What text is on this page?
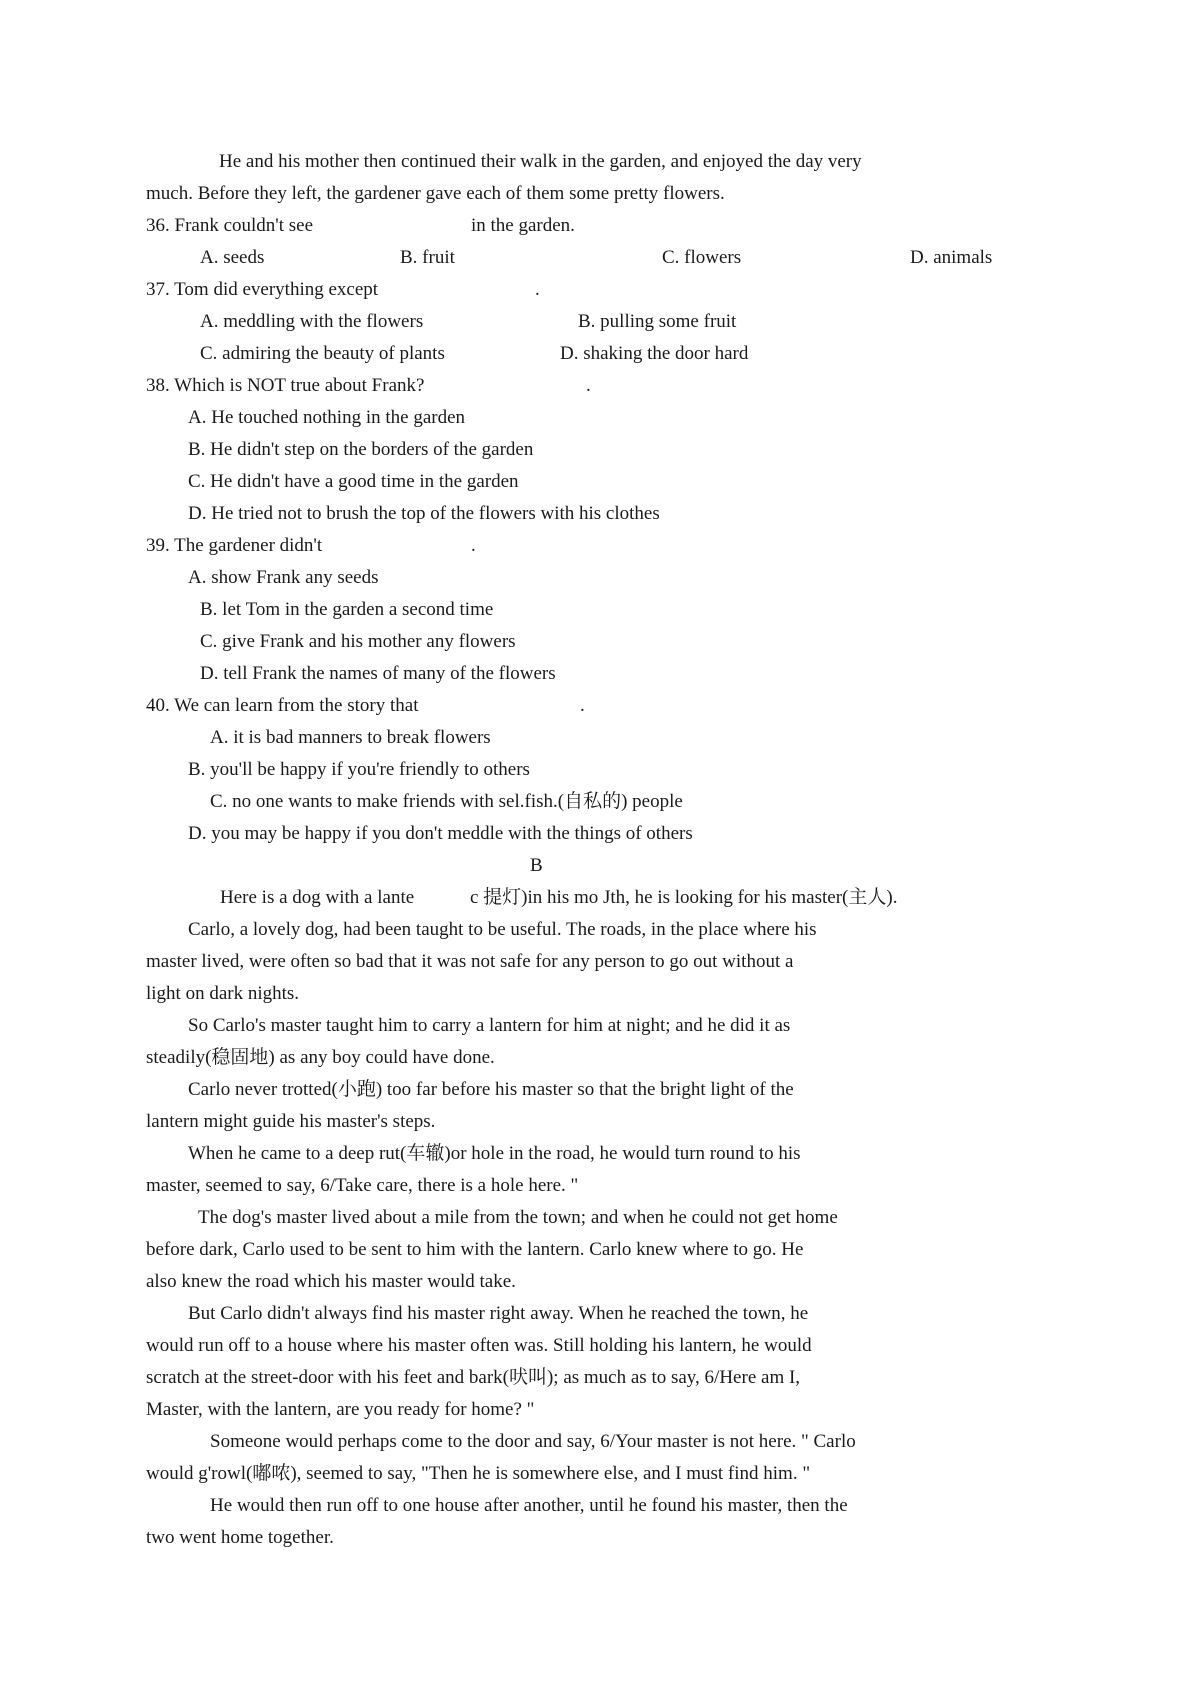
He and his mother then continued their walk in the garden, and enjoyed the day very
much. Before they left, the gardener gave each of them some pretty flowers.
36. Frank couldn't see	in the garden.
A. seeds	B. fruit	C. flowers	D. animals
37. Tom did everything except	.
A. meddling with the flowers	B. pulling some fruit
C. admiring the beauty of plants	D. shaking the door hard
38. Which is NOT true about Frank?	.
A. He touched nothing in the garden
B. He didn't step on the borders of the garden
C. He didn't have a good time in the garden
D. He tried not to brush the top of the flowers with his clothes
39. The gardener didn't	.
A. show Frank any seeds
B. let Tom in the garden a second time
C. give Frank and his mother any flowers
D. tell Frank the names of many of the flowers
40. We can learn from the story that	.
A. it is bad manners to break flowers
B. you'll be happy if you're friendly to others
C. no one wants to make friends with sel.fish.(自私的) people
D. you may be happy if you don't meddle with the things of others
B
Here is a dog with a lante	c 提灯)in his mo Jth, he is looking for his master(主人).
Carlo, a lovely dog, had been taught to be useful. The roads, in the place where his
master lived, were often so bad that it was not safe for any person to go out without a
light on dark nights.
So Carlo's master taught him to carry a lantern for him at night; and he did it as
steadily(稳固地) as any boy could have done.
Carlo never trotted(小跑) too far before his master so that the bright light of the
lantern might guide his master's steps.
When he came to a deep rut(车辙)or hole in the road, he would turn round to his
master, seemed to say, 6/Take care, there is a hole here. "
The dog's master lived about a mile from the town; and when he could not get home
before dark, Carlo used to be sent to him with the lantern. Carlo knew where to go. He
also knew the road which his master would take.
But Carlo didn't always find his master right away. When he reached the town, he
would run off to a house where his master often was. Still holding his lantern, he would
scratch at the street-door with his feet and bark(吠叫); as much as to say, 6/Here am I,
Master, with the lantern, are you ready for home? "
Someone would perhaps come to the door and say, 6/Your master is not here. " Carlo
would g'rowl(嘟哝), seemed to say, "Then he is somewhere else, and I must find him. "
He would then run off to one house after another, until he found his master, then the
two went home together.
